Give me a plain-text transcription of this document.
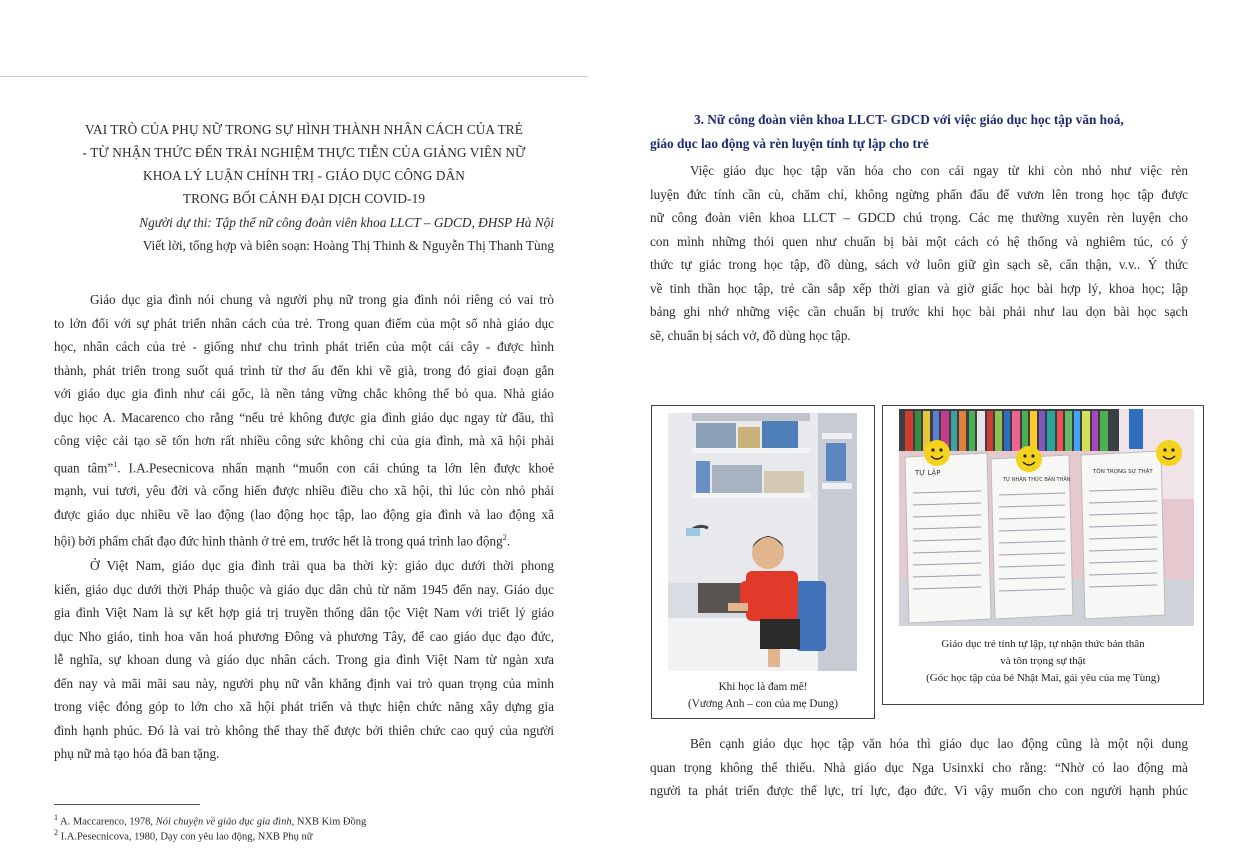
VAI TRÒ CỦA PHỤ NỮ TRONG SỰ HÌNH THÀNH NHÂN CÁCH CỦA TRẺ
- TỪ NHẬN THỨC ĐẾN TRẢI NGHIỆM THỰC TIỄN CỦA GIẢNG VIÊN NỮ
KHOA LÝ LUẬN CHÍNH TRỊ - GIÁO DỤC CÔNG DÂN
TRONG BỐI CẢNH ĐẠI DỊCH COVID-19
Người dự thi: Tập thể nữ công đoàn viên khoa LLCT – GDCD, ĐHSP Hà Nội
Viết lời, tổng hợp và biên soạn: Hoàng Thị Thinh & Nguyễn Thị Thanh Tùng
Giáo dục gia đình nói chung và người phụ nữ trong gia đình nói riêng có vai trò
to lớn đối với sự phát triển nhân cách của trẻ. Trong quan điểm của một số nhà giáo dục
học, nhân cách của trẻ - giống như chu trình phát triển của một cái cây - được hình
thành, phát triển trong suốt quá trình từ thơ ấu đến khi về già, trong đó giai đoạn gắn
với giáo dục gia đình như cái gốc, là nền tảng vững chắc không thể bỏ qua. Nhà giáo
dục học A. Macarenco cho rằng “nếu trẻ không được gia đình giáo dục ngay từ đầu, thì
công việc cải tạo sẽ tốn hơn rất nhiều công sức không chỉ của gia đình, mà xã hội phải
quan tâm”$^1$. I.A.Pesecnicova nhấn mạnh “muốn con cái chúng ta lớn lên được khoẻ
mạnh, vui tươi, yêu đời và cống hiến được nhiều điều cho xã hội, thì lúc còn nhỏ phải
được giáo dục nhiều về lao động (lao động học tập, lao động gia đình và lao động xã
hội) bởi phẩm chất đạo đức hình thành ở trẻ em, trước hết là trong quá trình lao động$^2$.
Ở Việt Nam, giáo dục gia đình trải qua ba thời kỳ: giáo dục dưới thời phong
kiến, giáo dục dưới thời Pháp thuộc và giáo dục dân chủ từ năm 1945 đến nay. Giáo dục
gia đình Việt Nam là sự kết hợp giá trị truyền thống dân tộc Việt Nam với triết lý giáo
dục Nho giáo, tinh hoa văn hoá phương Đông và phương Tây, để cao giáo dục đạo đức,
lễ nghĩa, sự khoan dung và giáo dục nhân cách. Trong gia đình Việt Nam từ ngàn xưa
đến nay và mãi mãi sau này, người phụ nữ vẫn khẳng định vai trò quan trọng của mình
trong việc đóng góp to lớn cho xã hội phát triển và thực hiện chức năng xây dựng gia
đình hạnh phúc. Đó là vai trò không thể thay thế được bởi thiên chức cao quý của người
phụ nữ mà tạo hóa đã ban tặng.
$^1$ A. Maccarenco, 1978, Nói chuyện về giáo dục gia đình, NXB Kim Đồng
$^2$ I.A.Pesecnicova, 1980, Dạy con yêu lao động, NXB Phụ nữ
3. Nữ công đoàn viên khoa LLCT- GDCD với việc giáo dục học tập văn hoá,
giáo dục lao động và rèn luyện tính tự lập cho trẻ
Việc giáo dục học tập văn hóa cho con cái ngay từ khi còn nhỏ như việc rèn
luyện đức tính cần cù, chăm chỉ, không ngừng phấn đấu để vươn lên trong học tập được
nữ công đoàn viên khoa LLCT – GDCD chú trọng. Các mẹ thường xuyên rèn luyện cho
con mình những thói quen như chuẩn bị bài một cách có hệ thống và nghiêm túc, có ý
thức tự giác trong học tập, đồ dùng, sách vở luôn giữ gìn sạch sẽ, cẩn thận, v.v.. Ý thức
về tinh thần học tập, trẻ cần sắp xếp thời gian và giờ giấc học bài hợp lý, khoa học; lập
bảng ghi nhớ những việc cần chuẩn bị trước khi học bài phải như lau dọn bài học sạch
sẽ, chuẩn bị sách vở, đồ dùng học tập.
Khi học là đam mê!
(Vương Anh – con của mẹ Dung)
TỰ LẬP
TỰ NHẬN THỨC BẢN THÂN
TÔN TRỌNG SỰ THẬT
Giáo dục trẻ tính tự lập, tự nhận thức bản thân
và tôn trọng sự thật
(Góc học tập của bé Nhật Mai, gái yêu của mẹ Tùng)
Bên cạnh giáo dục học tập văn hóa thì giáo dục lao động cũng là một nội dung
quan trọng không thể thiếu. Nhà giáo dục Nga Usinxki cho rằng: “Nhờ có lao động mà
người ta phát triển được thể lực, trí lực, đạo đức. Vì vậy muốn cho con người hạnh phúc
